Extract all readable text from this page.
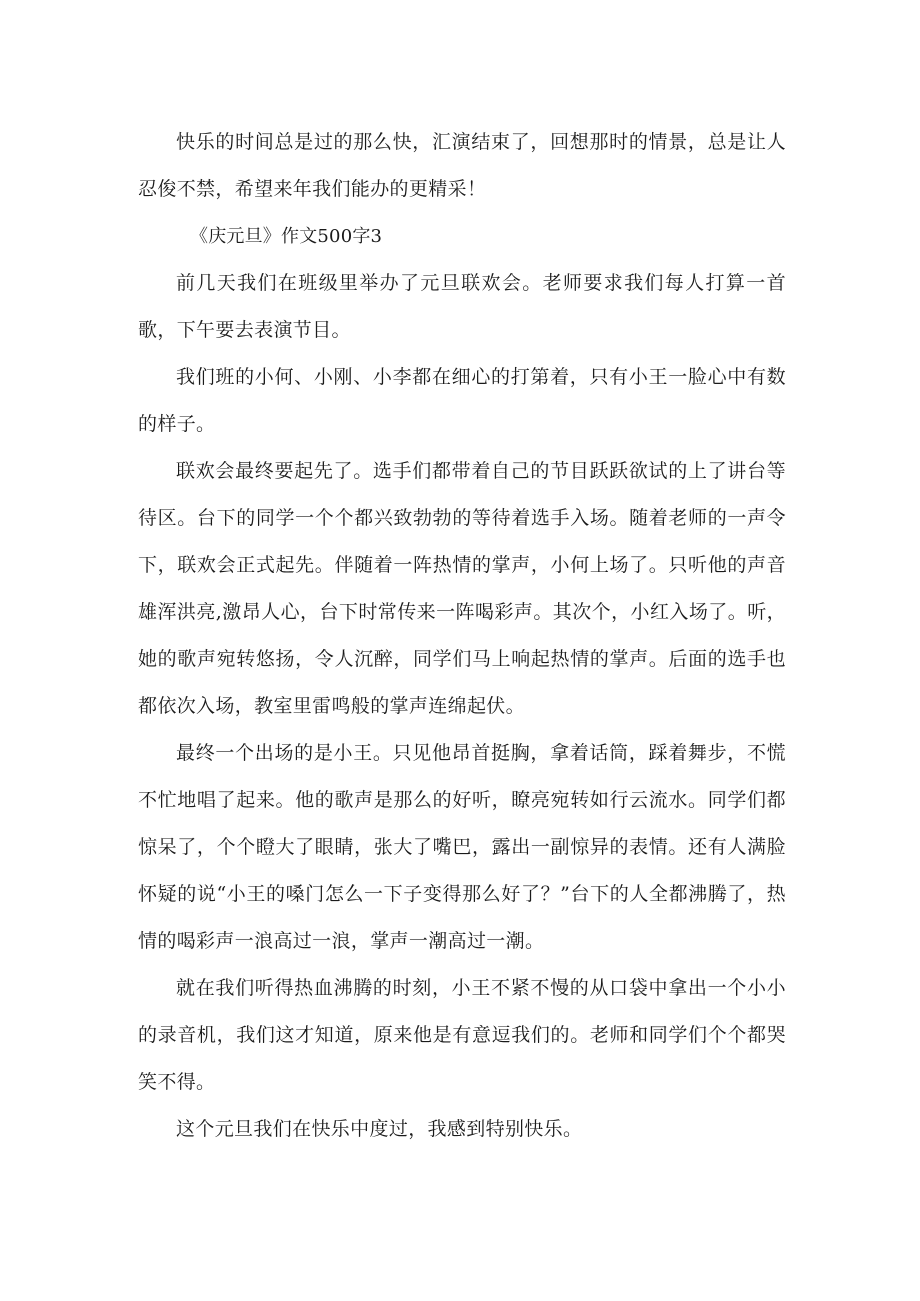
快乐的时间总是过的那么快，汇演结束了，回想那时的情景，总是让人忍俊不禁，希望来年我们能办的更精采！

《庆元旦》作文500字3

前几天我们在班级里举办了元旦联欢会。老师要求我们每人打算一首歌，下午要去表演节目。

我们班的小何、小刚、小李都在细心的打第着，只有小王一脸心中有数的样子。

联欢会最终要起先了。选手们都带着自己的节目跃跃欲试的上了讲台等待区。台下的同学一个个都兴致勃勃的等待着选手入场。随着老师的一声令下，联欢会正式起先。伴随着一阵热情的掌声，小何上场了。只听他的声音雄浑洪亮,激昂人心，台下时常传来一阵喝彩声。其次个，小红入场了。听，她的歌声宛转悠扬，令人沉醉，同学们马上响起热情的掌声。后面的选手也都依次入场，教室里雷鸣般的掌声连绵起伏。

最终一个出场的是小王。只见他昂首挺胸，拿着话筒，踩着舞步，不慌不忙地唱了起来。他的歌声是那么的好听，瞭亮宛转如行云流水。同学们都惊呆了，个个瞪大了眼睛，张大了嘴巴，露出一副惊异的表情。还有人满脸怀疑的说“小王的嗓门怎么一下子变得那么好了？”台下的人全都沸腾了，热情的喝彩声一浪高过一浪，掌声一潮高过一潮。

就在我们听得热血沸腾的时刻，小王不紧不慢的从口袋中拿出一个小小的录音机，我们这才知道，原来他是有意逗我们的。老师和同学们个个都哭笑不得。

这个元旦我们在快乐中度过，我感到特别快乐。
